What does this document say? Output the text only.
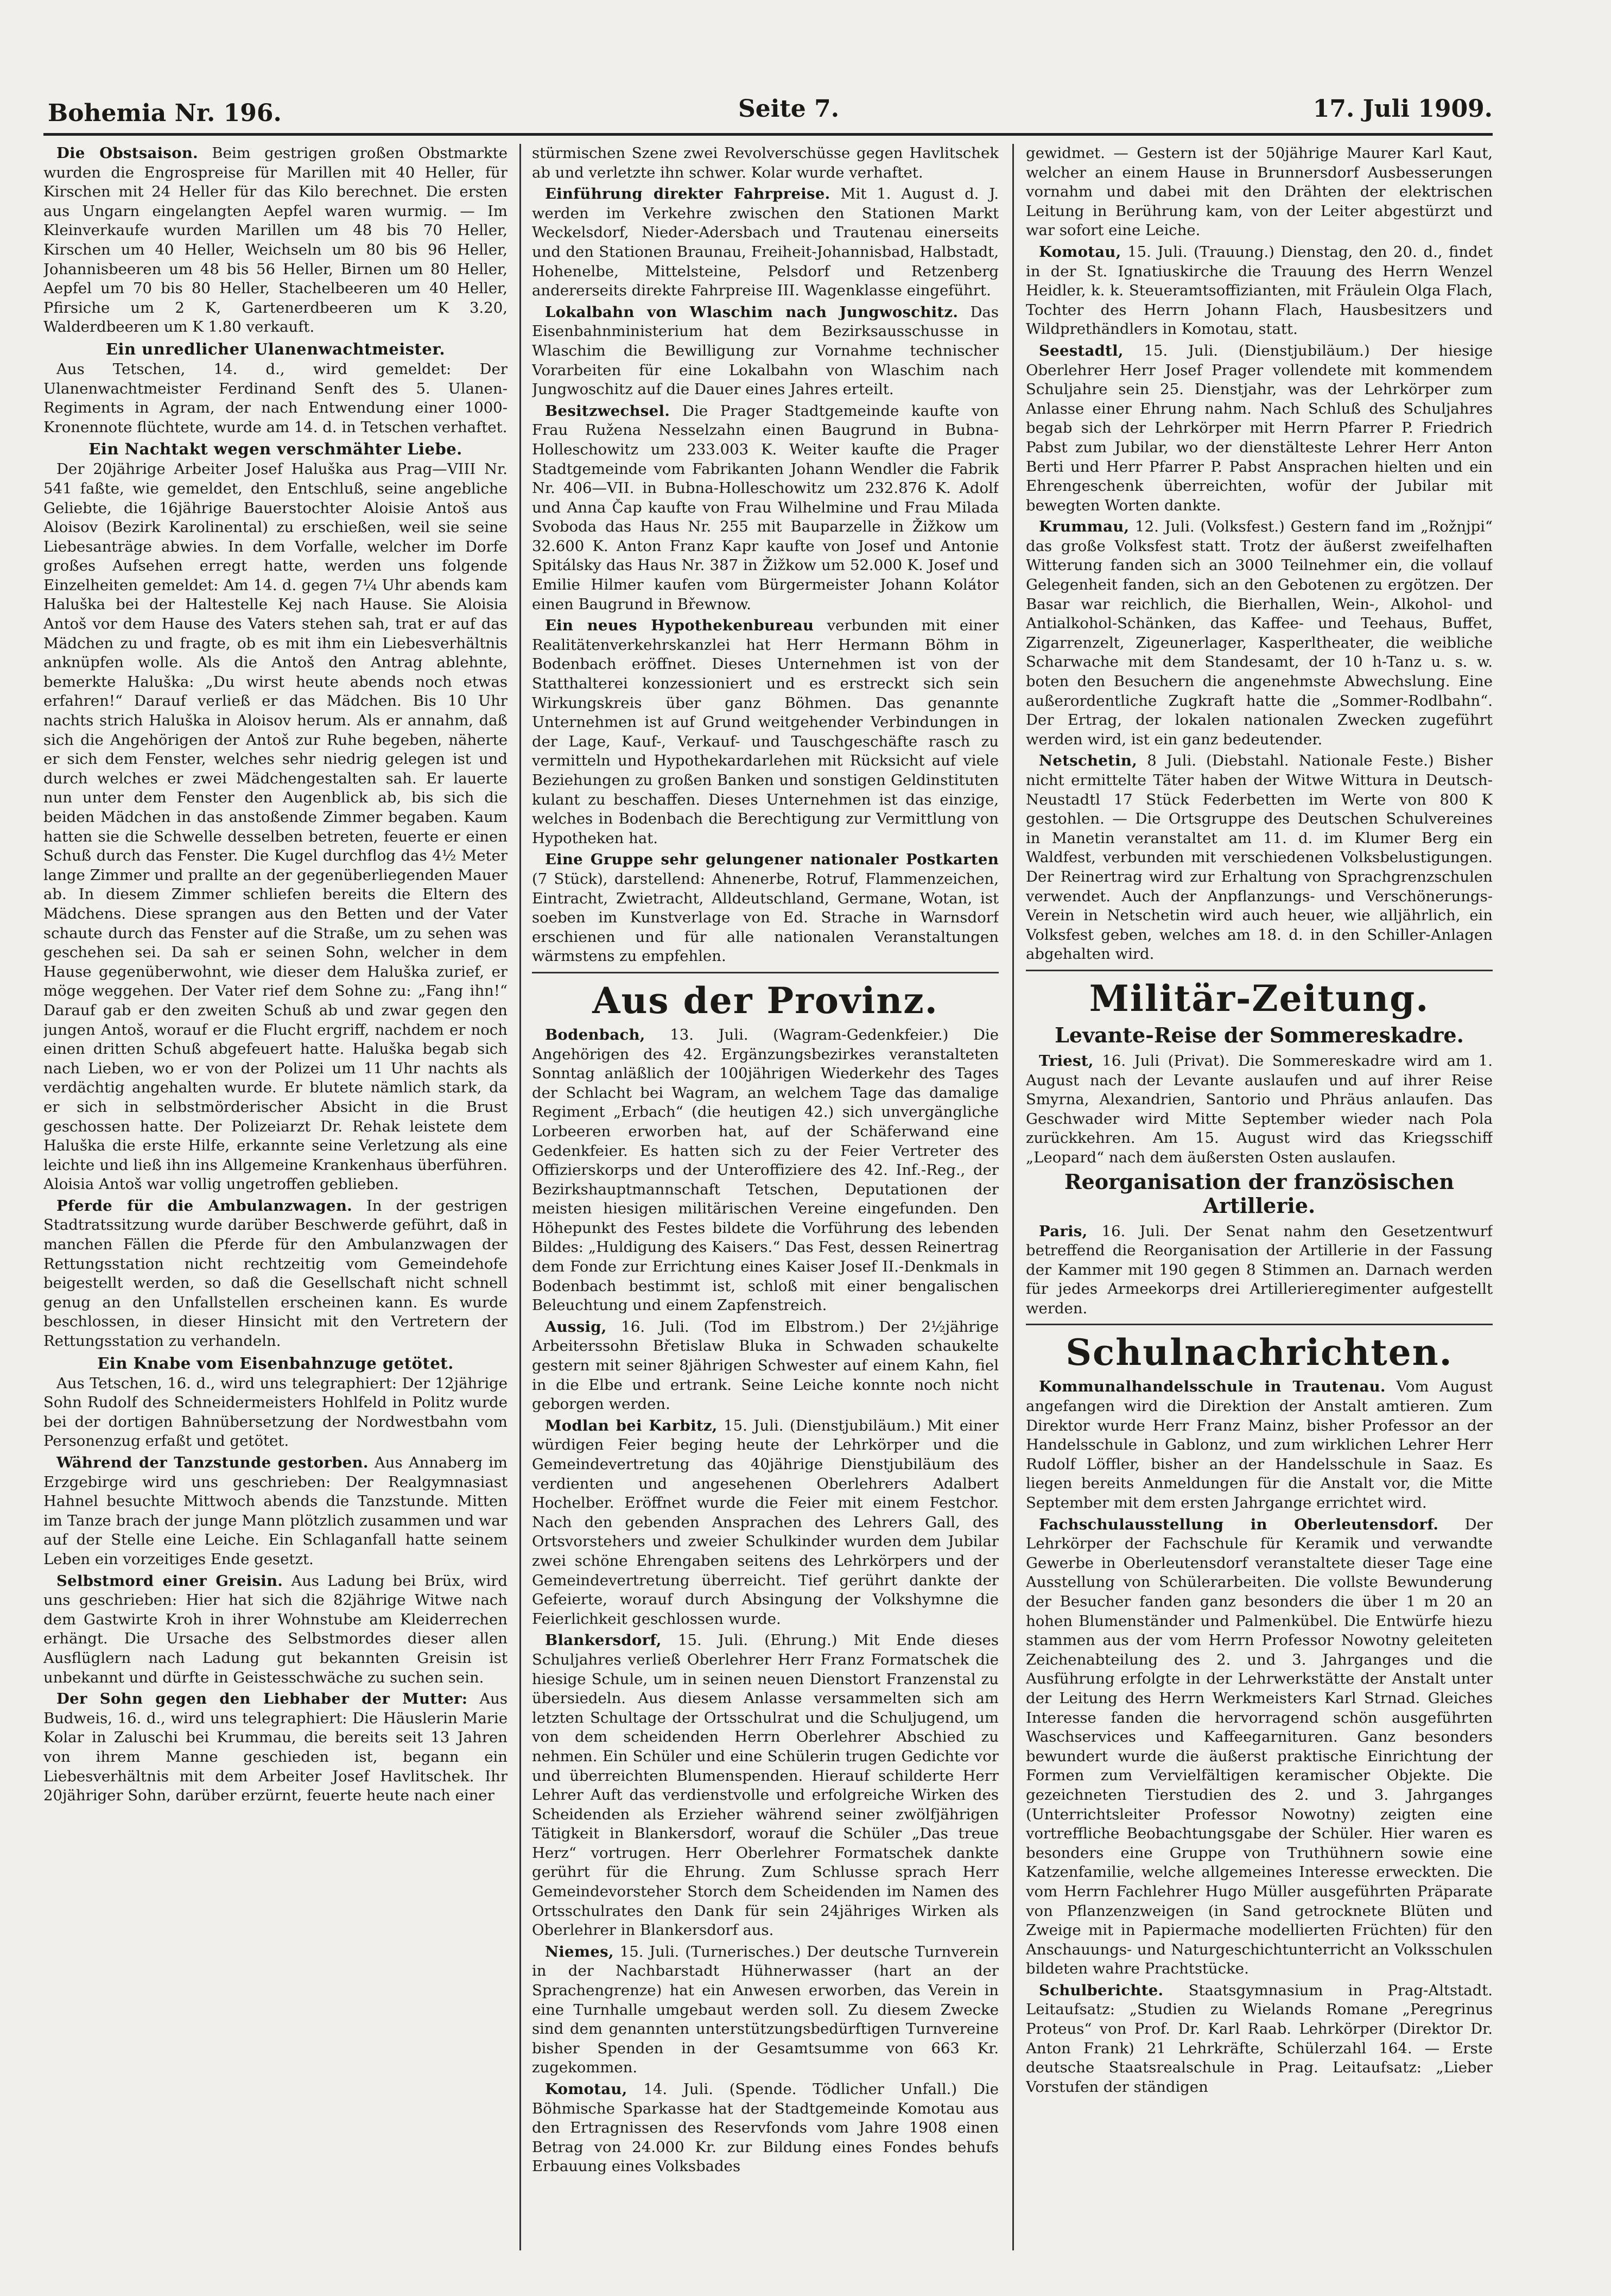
Bohemia Nr. 196.	Seite 7.	17. Juli 1909.

Die Obstsaison. Beim gestrigen großen Obstmarkte wurden die Engrospreise für Marillen mit 40 Heller, für Kirschen mit 24 Heller für das Kilo berechnet. Die ersten aus Ungarn eingelangten Aepfel waren wurmig. — Im Kleinverkaufe wurden Marillen um 48 bis 70 Heller, Kirschen um 40 Heller, Weichseln um 80 bis 96 Heller, Johannisbeeren um 48 bis 56 Heller, Birnen um 80 Heller, Aepfel um 70 bis 80 Heller, Stachelbeeren um 40 Heller, Pfirsiche um 2 K, Gartenerdbeeren um K 3.20, Walderdbeeren um K 1.80 verkauft.

Ein unredlicher Ulanenwachtmeister.

Aus Tetschen, 14. d., wird gemeldet: Der Ulanenwachtmeister Ferdinand Senft des 5. Ulanen-Regiments in Agram, der nach Entwendung einer 1000-Kronennote flüchtete, wurde am 14. d. in Tetschen verhaftet.

Ein Nachtakt wegen verschmähter Liebe.

Der 20jährige Arbeiter Josef Haluška aus Prag—VIII Nr. 541 faßte, wie gemeldet, den Entschluß, seine angebliche Geliebte, die 16jährige Bauerstochter Aloisie Antoš aus Aloisov (Bezirk Karolinental) zu erschießen, weil sie seine Liebesanträge abwies. In dem Vorfalle, welcher im Dorfe großes Aufsehen erregt hatte, werden uns folgende Einzelheiten gemeldet: Am 14. d. gegen 7¼ Uhr abends kam Haluška bei der Haltestelle Kej nach Hause. Sie Aloisia Antoš vor dem Hause des Vaters stehen sah, trat er auf das Mädchen zu und fragte, ob es mit ihm ein Liebesverhältnis anknüpfen wolle. Als die Antoš den Antrag ablehnte, bemerkte Haluška: „Du wirst heute abends noch etwas erfahren!“ Darauf verließ er das Mädchen. Bis 10 Uhr nachts strich Haluška in Aloisov herum. Als er annahm, daß sich die Angehörigen der Antoš zur Ruhe begeben, näherte er sich dem Fenster, welches sehr niedrig gelegen ist und durch welches er zwei Mädchengestalten sah. Er lauerte nun unter dem Fenster den Augenblick ab, bis sich die beiden Mädchen in das anstoßende Zimmer begaben. Kaum hatten sie die Schwelle desselben betreten, feuerte er einen Schuß durch das Fenster. Die Kugel durchflog das 4½ Meter lange Zimmer und prallte an der gegenüberliegenden Mauer ab. In diesem Zimmer schliefen bereits die Eltern des Mädchens. Diese sprangen aus den Betten und der Vater schaute durch das Fenster auf die Straße, um zu sehen was geschehen sei. Da sah er seinen Sohn, welcher in dem Hause gegenüberwohnt, wie dieser dem Haluška zurief, er möge weggehen. Der Vater rief dem Sohne zu: „Fang ihn!“ Darauf gab er den zweiten Schuß ab und zwar gegen den jungen Antoš, worauf er die Flucht ergriff, nachdem er noch einen dritten Schuß abgefeuert hatte. Haluška begab sich nach Lieben, wo er von der Polizei um 11 Uhr nachts als verdächtig angehalten wurde. Er blutete nämlich stark, da er sich in selbstmörderischer Absicht in die Brust geschossen hatte. Der Polizeiarzt Dr. Rehak leistete dem Haluška die erste Hilfe, erkannte seine Verletzung als eine leichte und ließ ihn ins Allgemeine Krankenhaus überführen. Aloisia Antoš war vollig ungetroffen geblieben.

Pferde für die Ambulanzwagen. In der gestrigen Stadtratssitzung wurde darüber Beschwerde geführt, daß in manchen Fällen die Pferde für den Ambulanzwagen der Rettungsstation nicht rechtzeitig vom Gemeindehofe beigestellt werden, so daß die Gesellschaft nicht schnell genug an den Unfallstellen erscheinen kann. Es wurde beschlossen, in dieser Hinsicht mit den Vertretern der Rettungsstation zu verhandeln.

Ein Knabe vom Eisenbahnzuge getötet.

Aus Tetschen, 16. d., wird uns telegraphiert: Der 12jährige Sohn Rudolf des Schneidermeisters Hohlfeld in Politz wurde bei der dortigen Bahnübersetzung der Nordwestbahn vom Personenzug erfaßt und getötet.

Während der Tanzstunde gestorben. Aus Annaberg im Erzgebirge wird uns geschrieben: Der Realgymnasiast Hahnel besuchte Mittwoch abends die Tanzstunde. Mitten im Tanze brach der junge Mann plötzlich zusammen und war auf der Stelle eine Leiche. Ein Schlaganfall hatte seinem Leben ein vorzeitiges Ende gesetzt.

Selbstmord einer Greisin. Aus Ladung bei Brüx, wird uns geschrieben: Hier hat sich die 82jährige Witwe nach dem Gastwirte Kroh in ihrer Wohnstube am Kleiderrechen erhängt. Die Ursache des Selbstmordes dieser allen Ausflüglern nach Ladung gut bekannten Greisin ist unbekannt und dürfte in Geistesschwäche zu suchen sein.

Der Sohn gegen den Liebhaber der Mutter: Aus Budweis, 16. d., wird uns telegraphiert: Die Häuslerin Marie Kolar in Zaluschi bei Krummau, die bereits seit 13 Jahren von ihrem Manne geschieden ist, begann ein Liebesverhältnis mit dem Arbeiter Josef Havlitschek. Ihr 20jähriger Sohn, darüber erzürnt, feuerte heute nach einer

stürmischen Szene zwei Revolverschüsse gegen Havlitschek ab und verletzte ihn schwer. Kolar wurde verhaftet.

Einführung direkter Fahrpreise. Mit 1. August d. J. werden im Verkehre zwischen den Stationen Markt Weckelsdorf, Nieder-Adersbach und Trautenau einerseits und den Stationen Braunau, Freiheit-Johannisbad, Halbstadt, Hohenelbe, Mittelsteine, Pelsdorf und Retzenberg andererseits direkte Fahrpreise III. Wagenklasse eingeführt.

Lokalbahn von Wlaschim nach Jungwoschitz. Das Eisenbahnministerium hat dem Bezirksausschusse in Wlaschim die Bewilligung zur Vornahme technischer Vorarbeiten für eine Lokalbahn von Wlaschim nach Jungwoschitz auf die Dauer eines Jahres erteilt.

Besitzwechsel. Die Prager Stadtgemeinde kaufte von Frau Ružena Nesselzahn einen Baugrund in Bubna-Holleschowitz um 233.003 K. Weiter kaufte die Prager Stadtgemeinde vom Fabrikanten Johann Wendler die Fabrik Nr. 406—VII. in Bubna-Holleschowitz um 232.876 K. Adolf und Anna Čap kaufte von Frau Wilhelmine und Frau Milada Svoboda das Haus Nr. 255 mit Bauparzelle in Žižkow um 32.600 K. Anton Franz Kapr kaufte von Josef und Antonie Spitálsky das Haus Nr. 387 in Žižkow um 52.000 K. Josef und Emilie Hilmer kaufen vom Bürgermeister Johann Kolátor einen Baugrund in Břewnow.

Ein neues Hypothekenbureau verbunden mit einer Realitätenverkehrskanzlei hat Herr Hermann Böhm in Bodenbach eröffnet. Dieses Unternehmen ist von der Statthalterei konzessioniert und es erstreckt sich sein Wirkungskreis über ganz Böhmen. Das genannte Unternehmen ist auf Grund weitgehender Verbindungen in der Lage, Kauf-, Verkauf- und Tauschgeschäfte rasch zu vermitteln und Hypothekardarlehen mit Rücksicht auf viele Beziehungen zu großen Banken und sonstigen Geldinstituten kulant zu beschaffen. Dieses Unternehmen ist das einzige, welches in Bodenbach die Berechtigung zur Vermittlung von Hypotheken hat.

Eine Gruppe sehr gelungener nationaler Postkarten (7 Stück), darstellend: Ahnenerbe, Rotruf, Flammenzeichen, Eintracht, Zwietracht, Alldeutschland, Germane, Wotan, ist soeben im Kunstverlage von Ed. Strache in Warnsdorf erschienen und für alle nationalen Veranstaltungen wärmstens zu empfehlen.

Aus der Provinz.

Bodenbach, 13. Juli. (Wagram-Gedenkfeier.) Die Angehörigen des 42. Ergänzungsbezirkes veranstalteten Sonntag anläßlich der 100jährigen Wiederkehr des Tages der Schlacht bei Wagram, an welchem Tage das damalige Regiment „Erbach“ (die heutigen 42.) sich unvergängliche Lorbeeren erworben hat, auf der Schäferwand eine Gedenkfeier. Es hatten sich zu der Feier Vertreter des Offizierskorps und der Unteroffiziere des 42. Inf.-Reg., der Bezirkshauptmannschaft Tetschen, Deputationen der meisten hiesigen militärischen Vereine eingefunden. Den Höhepunkt des Festes bildete die Vorführung des lebenden Bildes: „Huldigung des Kaisers.“ Das Fest, dessen Reinertrag dem Fonde zur Errichtung eines Kaiser Josef II.-Denkmals in Bodenbach bestimmt ist, schloß mit einer bengalischen Beleuchtung und einem Zapfenstreich.

Aussig, 16. Juli. (Tod im Elbstrom.) Der 2½jährige Arbeiterssohn Břetislaw Bluka in Schwaden schaukelte gestern mit seiner 8jährigen Schwester auf einem Kahn, fiel in die Elbe und ertrank. Seine Leiche konnte noch nicht geborgen werden.

Modlan bei Karbitz, 15. Juli. (Dienstjubiläum.) Mit einer würdigen Feier beging heute der Lehrkörper und die Gemeindevertretung das 40jährige Dienstjubiläum des verdienten und angesehenen Oberlehrers Adalbert Hochelber. Eröffnet wurde die Feier mit einem Festchor. Nach den gebenden Ansprachen des Lehrers Gall, des Ortsvorstehers und zweier Schulkinder wurden dem Jubilar zwei schöne Ehrengaben seitens des Lehrkörpers und der Gemeindevertretung überreicht. Tief gerührt dankte der Gefeierte, worauf durch Absingung der Volkshymne die Feierlichkeit geschlossen wurde.

Blankersdorf, 15. Juli. (Ehrung.) Mit Ende dieses Schuljahres verließ Oberlehrer Herr Franz Formatschek die hiesige Schule, um in seinen neuen Dienstort Franzenstal zu übersiedeln. Aus diesem Anlasse versammelten sich am letzten Schultage der Ortsschulrat und die Schuljugend, um von dem scheidenden Herrn Oberlehrer Abschied zu nehmen. Ein Schüler und eine Schülerin trugen Gedichte vor und überreichten Blumenspenden. Hierauf schilderte Herr Lehrer Auft das verdienstvolle und erfolgreiche Wirken des Scheidenden als Erzieher während seiner zwölfjährigen Tätigkeit in Blankersdorf, worauf die Schüler „Das treue Herz“ vortrugen. Herr Oberlehrer Formatschek dankte gerührt für die Ehrung. Zum Schlusse sprach Herr Gemeindevorsteher Storch dem Scheidenden im Namen des Ortsschulrates den Dank für sein 24jähriges Wirken als Oberlehrer in Blankersdorf aus.

Niemes, 15. Juli. (Turnerisches.) Der deutsche Turnverein in der Nachbarstadt Hühnerwasser (hart an der Sprachengrenze) hat ein Anwesen erworben, das Verein in eine Turnhalle umgebaut werden soll. Zu diesem Zwecke sind dem genannten unterstützungsbedürftigen Turnvereine bisher Spenden in der Gesamtsumme von 663 Kr. zugekommen.

Komotau, 14. Juli. (Spende. Tödlicher Unfall.) Die Böhmische Sparkasse hat der Stadtgemeinde Komotau aus den Ertragnissen des Reservfonds vom Jahre 1908 einen Betrag von 24.000 Kr. zur Bildung eines Fondes behufs Erbauung eines Volksbades

gewidmet. — Gestern ist der 50jährige Maurer Karl Kaut, welcher an einem Hause in Brunnersdorf Ausbesserungen vornahm und dabei mit den Drähten der elektrischen Leitung in Berührung kam, von der Leiter abgestürzt und war sofort eine Leiche.

Komotau, 15. Juli. (Trauung.) Dienstag, den 20. d., findet in der St. Ignatiuskirche die Trauung des Herrn Wenzel Heidler, k. k. Steueramtsoffizianten, mit Fräulein Olga Flach, Tochter des Herrn Johann Flach, Hausbesitzers und Wildprethändlers in Komotau, statt.

Seestadtl, 15. Juli. (Dienstjubiläum.) Der hiesige Oberlehrer Herr Josef Prager vollendete mit kommendem Schuljahre sein 25. Dienstjahr, was der Lehrkörper zum Anlasse einer Ehrung nahm. Nach Schluß des Schuljahres begab sich der Lehrkörper mit Herrn Pfarrer P. Friedrich Pabst zum Jubilar, wo der dienstälteste Lehrer Herr Anton Berti und Herr Pfarrer P. Pabst Ansprachen hielten und ein Ehrengeschenk überreichten, wofür der Jubilar mit bewegten Worten dankte.

Krummau, 12. Juli. (Volksfest.) Gestern fand im „Rožnjpi“ das große Volksfest statt. Trotz der äußerst zweifelhaften Witterung fanden sich an 3000 Teilnehmer ein, die vollauf Gelegenheit fanden, sich an den Gebotenen zu ergötzen. Der Basar war reichlich, die Bierhallen, Wein-, Alkohol- und Antialkohol-Schänken, das Kaffee- und Teehaus, Buffet, Zigarrenzelt, Zigeunerlager, Kasperltheater, die weibliche Scharwache mit dem Standesamt, der 10 h-Tanz u. s. w. boten den Besuchern die angenehmste Abwechslung. Eine außerordentliche Zugkraft hatte die „Sommer-Rodlbahn“. Der Ertrag, der lokalen nationalen Zwecken zugeführt werden wird, ist ein ganz bedeutender.

Netschetin, 8 Juli. (Diebstahl. Nationale Feste.) Bisher nicht ermittelte Täter haben der Witwe Wittura in Deutsch-Neustadtl 17 Stück Federbetten im Werte von 800 K gestohlen. — Die Ortsgruppe des Deutschen Schulvereines in Manetin veranstaltet am 11. d. im Klumer Berg ein Waldfest, verbunden mit verschiedenen Volksbelustigungen. Der Reinertrag wird zur Erhaltung von Sprachgrenzschulen verwendet. Auch der Anpflanzungs- und Verschönerungs-Verein in Netschetin wird auch heuer, wie alljährlich, ein Volksfest geben, welches am 18. d. in den Schiller-Anlagen abgehalten wird.

Militär-Zeitung.
Levante-Reise der Sommereskadre.

Triest, 16. Juli (Privat). Die Sommereskadre wird am 1. August nach der Levante auslaufen und auf ihrer Reise Smyrna, Alexandrien, Santorio und Phräus anlaufen. Das Geschwader wird Mitte September wieder nach Pola zurückkehren. Am 15. August wird das Kriegsschiff „Leopard“ nach dem äußersten Osten auslaufen.

Reorganisation der französischen Artillerie.

Paris, 16. Juli. Der Senat nahm den Gesetzentwurf betreffend die Reorganisation der Artillerie in der Fassung der Kammer mit 190 gegen 8 Stimmen an. Darnach werden für jedes Armeekorps drei Artillerieregimenter aufgestellt werden.

Schulnachrichten.

Kommunalhandelsschule in Trautenau. Vom August angefangen wird die Direktion der Anstalt amtieren. Zum Direktor wurde Herr Franz Mainz, bisher Professor an der Handelsschule in Gablonz, und zum wirklichen Lehrer Herr Rudolf Löffler, bisher an der Handelsschule in Saaz. Es liegen bereits Anmeldungen für die Anstalt vor, die Mitte September mit dem ersten Jahrgange errichtet wird.

Fachschulausstellung in Oberleutensdorf. Der Lehrkörper der Fachschule für Keramik und verwandte Gewerbe in Oberleutensdorf veranstaltete dieser Tage eine Ausstellung von Schülerarbeiten. Die vollste Bewunderung der Besucher fanden ganz besonders die über 1 m 20 an hohen Blumenständer und Palmenkübel. Die Entwürfe hiezu stammen aus der vom Herrn Professor Nowotny geleiteten Zeichenabteilung des 2. und 3. Jahrganges und die Ausführung erfolgte in der Lehrwerkstätte der Anstalt unter der Leitung des Herrn Werkmeisters Karl Strnad. Gleiches Interesse fanden die hervorragend schön ausgeführten Waschservices und Kaffeegarnituren. Ganz besonders bewundert wurde die äußerst praktische Einrichtung der Formen zum Vervielfältigen keramischer Objekte. Die gezeichneten Tierstudien des 2. und 3. Jahrganges (Unterrichtsleiter Professor Nowotny) zeigten eine vortreffliche Beobachtungsgabe der Schüler. Hier waren es besonders eine Gruppe von Truthühnern sowie eine Katzenfamilie, welche allgemeines Interesse erweckten. Die vom Herrn Fachlehrer Hugo Müller ausgeführten Präparate von Pflanzenzweigen (in Sand getrocknete Blüten und Zweige mit in Papiermache modellierten Früchten) für den Anschauungs- und Naturgeschichtunterricht an Volksschulen bildeten wahre Prachtstücke.

Schulberichte. Staatsgymnasium in Prag-Altstadt. Leitaufsatz: „Studien zu Wielands Romane „Peregrinus Proteus“ von Prof. Dr. Karl Raab. Lehrkörper (Direktor Dr. Anton Frank) 21 Lehrkräfte, Schülerzahl 164. — Erste deutsche Staatsrealschule in Prag. Leitaufsatz: „Lieber Vorstufen der ständigen
